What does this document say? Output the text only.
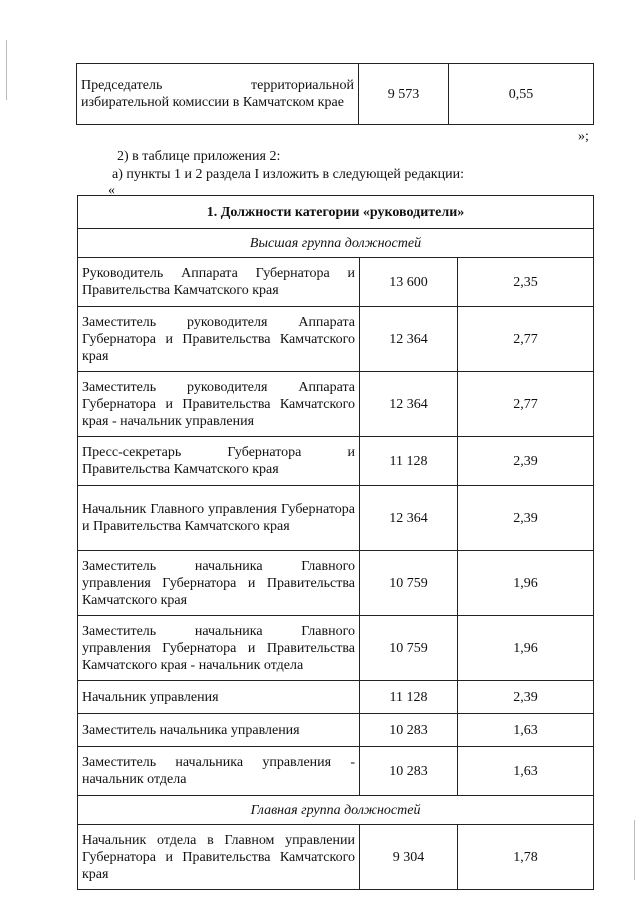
Председатель территориальной избирательной комиссии в Камчатском крае	9 573	0,55

»;

2) в таблице приложения 2:

а) пункты 1 и 2 раздела I изложить в следующей редакции:

«

1. Должности категории «руководители»		
Высшая группа должностей		
Руководитель Аппарата Губернатора и Правительства Камчатского края	13 600	2,35
Заместитель руководителя Аппарата Губернатора и Правительства Камчатского края	12 364	2,77
Заместитель руководителя Аппарата Губернатора и Правительства Камчатского края - начальник управления	12 364	2,77
Пресс-секретарь Губернатора и Правительства Камчатского края	11 128	2,39
Начальник Главного управления Губернатора и Правительства Камчатского края	12 364	2,39
Заместитель начальника Главного управления Губернатора и Правительства Камчатского края	10 759	1,96
Заместитель начальника Главного управления Губернатора и Правительства Камчатского края - начальник отдела	10 759	1,96
Начальник управления	11 128	2,39
Заместитель начальника управления	10 283	1,63
Заместитель начальника управления - начальник отдела	10 283	1,63
Главная группа должностей		
Начальник отдела в Главном управлении Губернатора и Правительства Камчатского края	9 304	1,78
